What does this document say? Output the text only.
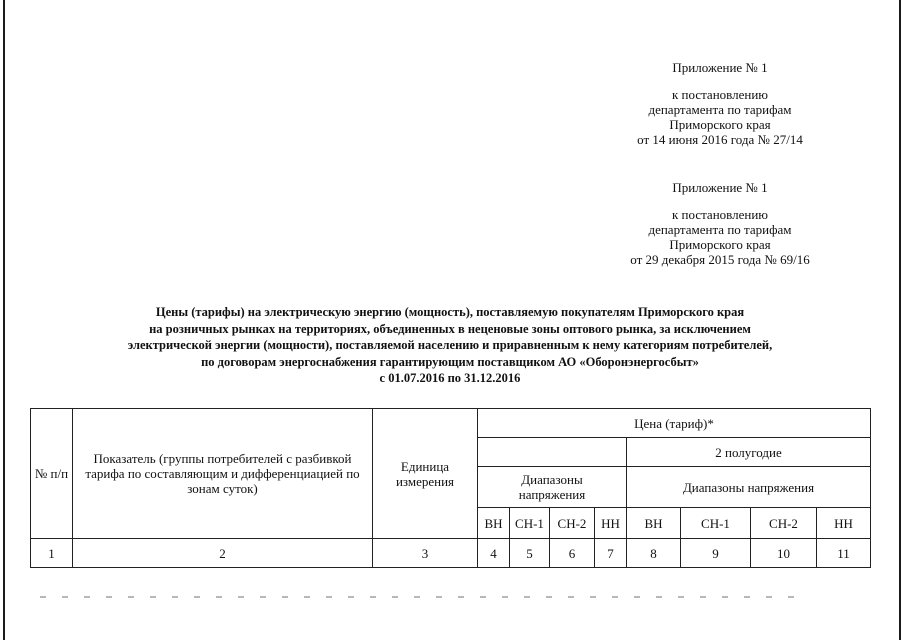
Приложение № 1
к постановлению
департамента по тарифам
Приморского края
от 14 июня 2016 года № 27/14
Приложение № 1
к постановлению
департамента по тарифам
Приморского края
от 29 декабря 2015 года № 69/16
Цены (тарифы) на электрическую энергию (мощность), поставляемую покупателям Приморского края
на розничных рынках на территориях, объединенных в неценовые зоны оптового рынка, за исключением
электрической энергии (мощности), поставляемой населению и приравненным к нему категориям потребителей,
по договорам энергоснабжения гарантирующим поставщиком АО «Оборонэнергосбыт»
с 01.07.2016 по 31.12.2016
№ п/п	Показатель (группы потребителей с разбивкой тарифа по составляющим и дифференциацией по зонам суток)	Единица измерения	Цена (тариф)*							
							2 полугодие			
			Диапазоны напряжения				Диапазоны напряжения			
			ВН	СН-1	СН-2	НН	ВН	СН-1	СН-2	НН
1	2	3	4	5	6	7	8	9	10	11
